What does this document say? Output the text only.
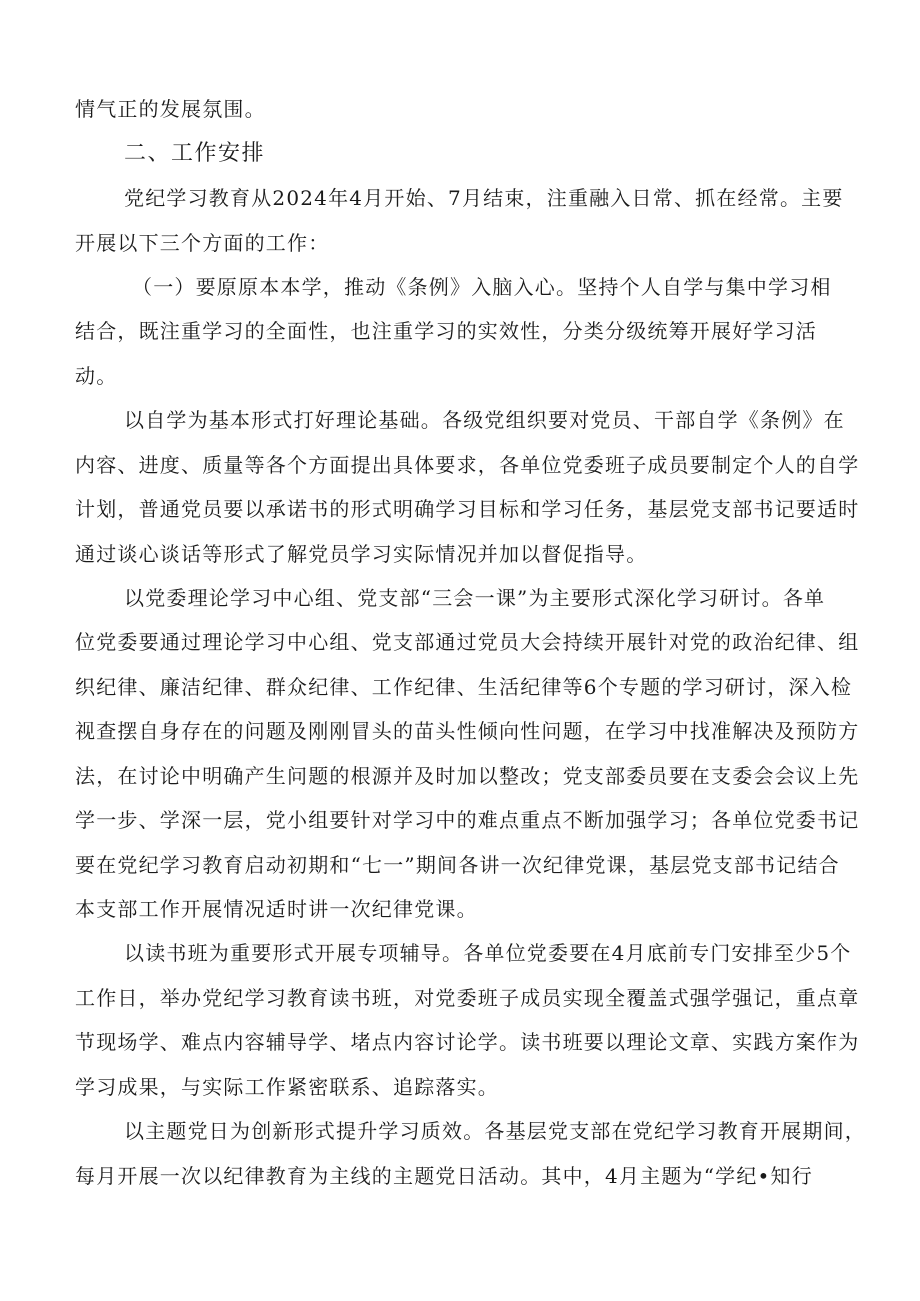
情气正的发展氛围。
二、工作安排
党纪学习教育从2024年4月开始、7月结束，注重融入日常、抓在经常。主要
开展以下三个方面的工作：
（一）要原原本本学，推动《条例》入脑入心。坚持个人自学与集中学习相
结合，既注重学习的全面性，也注重学习的实效性，分类分级统筹开展好学习活
动。
以自学为基本形式打好理论基础。各级党组织要对党员、干部自学《条例》在
内容、进度、质量等各个方面提出具体要求，各单位党委班子成员要制定个人的自学
计划，普通党员要以承诺书的形式明确学习目标和学习任务，基层党支部书记要适时
通过谈心谈话等形式了解党员学习实际情况并加以督促指导。
以党委理论学习中心组、党支部“三会一课”为主要形式深化学习研讨。各单
位党委要通过理论学习中心组、党支部通过党员大会持续开展针对党的政治纪律、组
织纪律、廉洁纪律、群众纪律、工作纪律、生活纪律等6个专题的学习研讨，深入检
视查摆自身存在的问题及刚刚冒头的苗头性倾向性问题，在学习中找准解决及预防方
法，在讨论中明确产生问题的根源并及时加以整改；党支部委员要在支委会会议上先
学一步、学深一层，党小组要针对学习中的难点重点不断加强学习；各单位党委书记
要在党纪学习教育启动初期和“七一”期间各讲一次纪律党课，基层党支部书记结合
本支部工作开展情况适时讲一次纪律党课。
以读书班为重要形式开展专项辅导。各单位党委要在4月底前专门安排至少5个
工作日，举办党纪学习教育读书班，对党委班子成员实现全覆盖式强学强记，重点章
节现场学、难点内容辅导学、堵点内容讨论学。读书班要以理论文章、实践方案作为
学习成果，与实际工作紧密联系、追踪落实。
以主题党日为创新形式提升学习质效。各基层党支部在党纪学习教育开展期间，
每月开展一次以纪律教育为主线的主题党日活动。其中，4月主题为“学纪•知行
